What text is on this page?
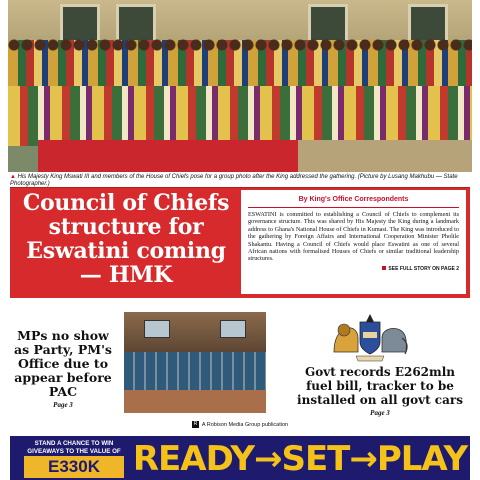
▲ His Majesty King Mswati III and members of the House of Chiefs pose for a group photo after the King addressed the gathering. (Picture by Lusang Makhubu — State Photographer.)
Council of Chiefs structure for Eswatini coming — HMK
By King's Office Correspondents
ESWATINI is committed to establishing a Council of Chiefs to complement its governance structure. This was shared by His Majesty the King during a landmark address to Ghana's National House of Chiefs in Kumasi. The King was introduced to the gathering by Foreign Affairs and International Cooperation Minister Pholile Shakantu. Having a Council of Chiefs would place Eswatini as one of several African nations with formalised Houses of Chiefs or similar traditional leadership structures.
SEE FULL STORY ON PAGE 2
MPs no show as Party, PM's Office due to appear before PAC
Page 3
Govt records E262mln fuel bill, tracker to be installed on all govt cars
Page 3
R A Robison Media Group publication
STAND A CHANCE TO WIN GIVEAWAYS TO THE VALUE OF
E330K READY→SET→PLAY
